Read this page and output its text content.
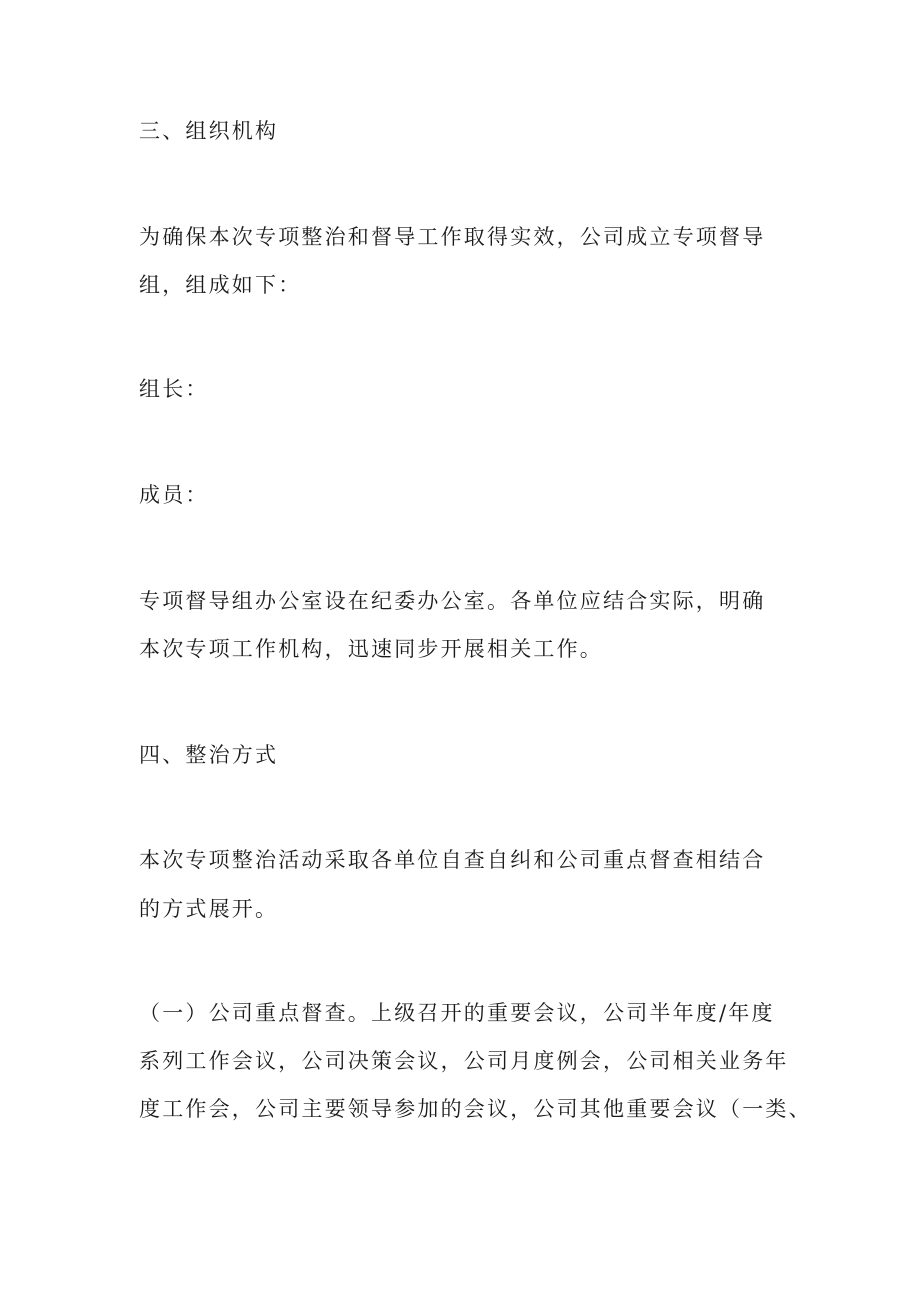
三、组织机构

为确保本次专项整治和督导工作取得实效，公司成立专项督导

组，组成如下：

组长：

成员：

专项督导组办公室设在纪委办公室。各单位应结合实际，明确

本次专项工作机构，迅速同步开展相关工作。

四、整治方式

本次专项整治活动采取各单位自查自纠和公司重点督查相结合

的方式展开。

（一）公司重点督查。上级召开的重要会议，公司半年度/年度

系列工作会议，公司决策会议，公司月度例会，公司相关业务年

度工作会，公司主要领导参加的会议，公司其他重要会议（一类、
